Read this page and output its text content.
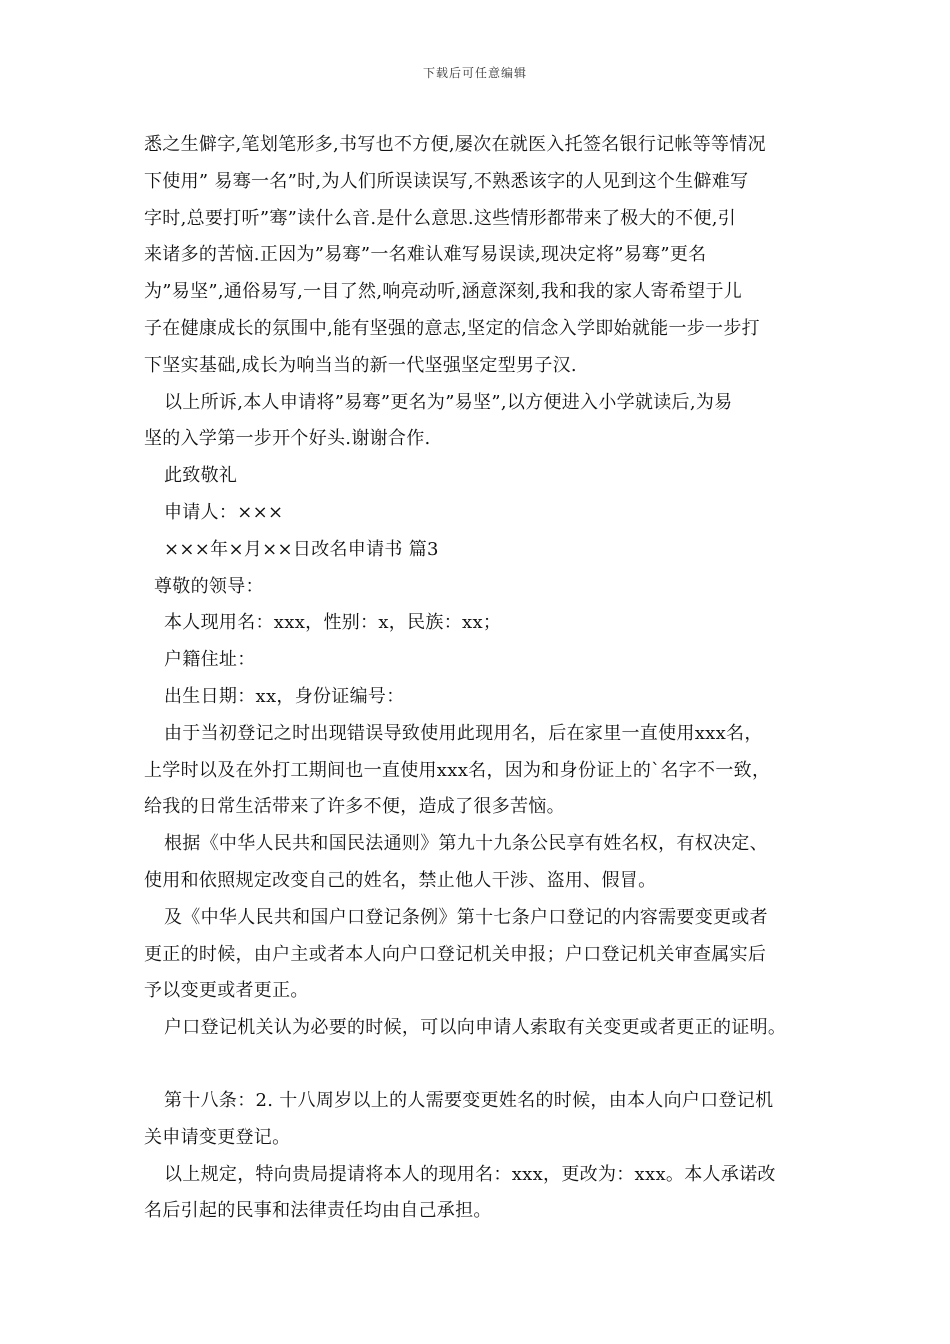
下载后可任意编辑
悉之生僻字,笔划笔形多,书写也不方便,屡次在就医入托签名银行记帐等等情况
下使用” 易骞一名”时,为人们所误读误写,不熟悉该字的人见到这个生僻难写
字时,总要打听”骞”读什么音.是什么意思.这些情形都带来了极大的不便,引
来诸多的苦恼.正因为”易骞”一名难认难写易误读,现决定将”易骞”更名
为”易坚”,通俗易写,一目了然,响亮动听,涵意深刻,我和我的家人寄希望于儿
子在健康成长的氛围中,能有坚强的意志,坚定的信念入学即始就能一步一步打
下坚实基础,成长为响当当的新一代坚强坚定型男子汉.
以上所诉,本人申请将”易骞”更名为”易坚”,以方便进入小学就读后,为易
坚的入学第一步开个好头.谢谢合作.
此致敬礼
申请人：×××
×××年×月××日改名申请书 篇3
尊敬的领导：
本人现用名：xxx，性别：x，民族：xx；
户籍住址：
出生日期：xx，身份证编号：
由于当初登记之时出现错误导致使用此现用名，后在家里一直使用xxx名，
上学时以及在外打工期间也一直使用xxx名，因为和身份证上的`名字不一致，
给我的日常生活带来了许多不便，造成了很多苦恼。
根据《中华人民共和国民法通则》第九十九条公民享有姓名权，有权决定、
使用和依照规定改变自己的姓名，禁止他人干涉、盗用、假冒。
及《中华人民共和国户口登记条例》第十七条户口登记的内容需要变更或者
更正的时候，由户主或者本人向户口登记机关申报；户口登记机关审查属实后
予以变更或者更正。
户口登记机关认为必要的时候，可以向申请人索取有关变更或者更正的证明。
第十八条：2. 十八周岁以上的人需要变更姓名的时候，由本人向户口登记机
关申请变更登记。
以上规定，特向贵局提请将本人的现用名：xxx，更改为：xxx。本人承诺改
名后引起的民事和法律责任均由自己承担。
